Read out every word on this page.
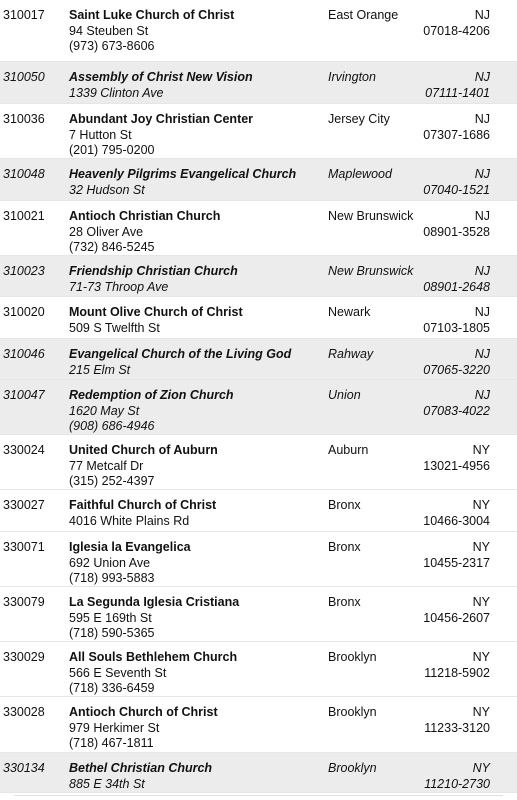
310017 Saint Luke Church of Christ
94 Steuben St
(973) 673-8606
East Orange	NJ
07018-4206
310050 Assembly of Christ New Vision
1339 Clinton Ave
Irvington	NJ
07111-1401
310036 Abundant Joy Christian Center
7 Hutton St
(201) 795-0200
Jersey City	NJ
07307-1686
310048 Heavenly Pilgrims Evangelical Church
32 Hudson St
Maplewood	NJ
07040-1521
310021 Antioch Christian Church
28 Oliver Ave
(732) 846-5245
New Brunswick	NJ
08901-3528
310023 Friendship Christian Church
71-73 Throop Ave
New Brunswick	NJ
08901-2648
310020 Mount Olive Church of Christ
509 S Twelfth St
Newark	NJ
07103-1805
310046 Evangelical Church of the Living God
215 Elm St
Rahway	NJ
07065-3220
310047 Redemption of Zion Church
1620 May St
(908) 686-4946
Union	NJ
07083-4022
330024 United Church of Auburn
77 Metcalf Dr
(315) 252-4397
Auburn	NY
13021-4956
330027 Faithful Church of Christ
4016 White Plains Rd
Bronx	NY
10466-3004
330071 Iglesia la Evangelica
692 Union Ave
(718) 993-5883
Bronx	NY
10455-2317
330079 La Segunda Iglesia Cristiana
595 E 169th St
(718) 590-5365
Bronx	NY
10456-2607
330029 All Souls Bethlehem Church
566 E Seventh St
(718) 336-6459
Brooklyn	NY
11218-5902
330028 Antioch Church of Christ
979 Herkimer St
(718) 467-1811
Brooklyn	NY
11233-3120
330134 Bethel Christian Church
885 E 34th St
Brooklyn	NY
11210-2730
